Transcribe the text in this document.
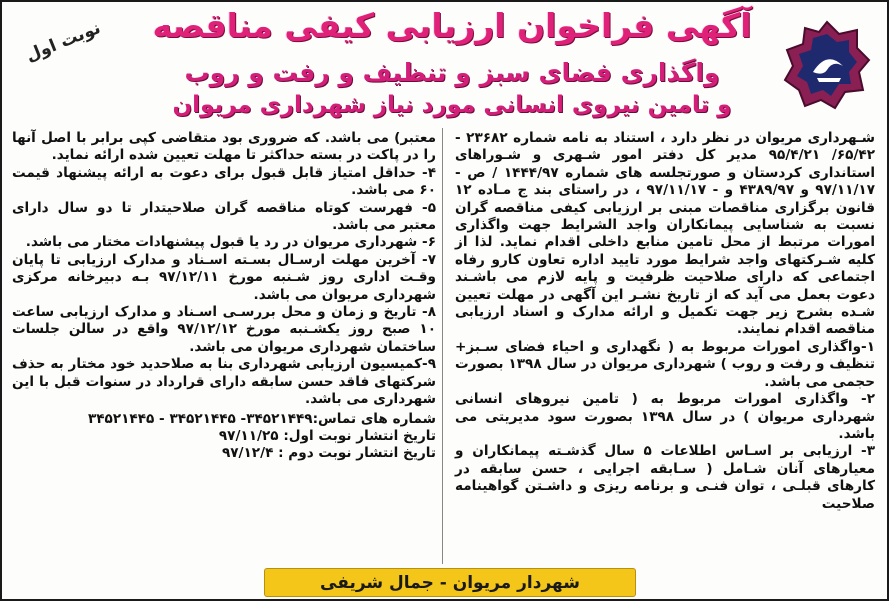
آگهی فراخوان ارزیابی کیفی مناقصه
واگذاری فضای سبز و تنظیف و رفت و روب
و تامین نیروی انسانی مورد نیاز شهرداری مریوان
نوبت اول

شـهرداری مریوان در نظر دارد ، استناد به نامه شماره ۲۳۶۸۲ - ۶۵/۴۲/ ۹۵/۴/۲۱ مدیر کل دفتر امور شـهری و شـوراهای استانداری کردستان و صورتجلسه های شماره ۱۴۴۴/۹۷ / ص - ۹۷/۱۱/۱۷ و ۴۳۸۹/۹۷ و - ۹۷/۱۱/۱۷ ، در راستای بند ج مـاده ۱۲ قانون برگزاری مناقصات مبنی بر ارزیابی کیفی مناقصه گران نسبت به شناسایی پیمانکاران واجد الشرایط جهت واگذاری امورات مرتبط از محل تامین منابع داخلی اقدام نماید. لذا از کلیه شـرکتهای واجد شرایط مورد تایید اداره تعاون کارو رفاه اجتماعی که دارای صلاحیت ظرفیت و پایه لازم می باشـند دعوت بعمل می آید که از تاریخ نشـر این آگهی در مهلت تعیین شـده بشرح زیر جهت تکمیل و ارائه مدارک و اسناد ارزیابی مناقصه اقدام نمایند.

۱-واگذاری امورات مربوط به ( نگهداری و احیاء فضای سـبز+ تنظیف و رفت و روب ) شهرداری مریوان در سال ۱۳۹۸ بصورت حجمی می باشد.

۲- واگذاری امورات مربوط به ( تامین نیروهای انسانی شهرداری مریوان ) در سال ۱۳۹۸ بصورت سود مدیریتی می باشد.

۳- ارزیابی بر اسـاس اطلاعات ۵ سال گذشـته پیمانکاران و معیارهای آنان شـامل ( سـابقه اجرایی ، حسن سابقه در کارهای قبلـی ، توان فنـی و برنامه ریزی و داشـتن گواهینامه صلاحیت

معتبر) می باشد. که ضروری بود متقاضی کپی برابر با اصل آنها را در پاکت در بسته حداکثر تا مهلت تعیین شده ارائه نماید.

۴- حداقل امتیاز قابل قبول برای دعوت به ارائه پیشنهاد قیمت ۶۰ می باشد.

۵- فهرست کوتاه مناقصه گران صلاحیتدار تا دو سال دارای معتبر می باشد.

۶- شهرداری مریوان در رد یا قبول پیشنهادات مختار می باشد.

۷- آخرین مهلت ارسـال بسـته اسـناد و مدارک ارزیابی تا پایان وقـت اداری روز شـنبه مورخ ۹۷/۱۲/۱۱ بـه دبیرخانه مرکزی شهرداری مریوان می باشد.

۸- تاریخ و زمان و محل بررسـی اسـناد و مدارک ارزیابی ساعت ۱۰ صبح روز یکشـنبه مورخ ۹۷/۱۲/۱۲ واقع در سالن جلسات ساختمان شهرداری مریوان می باشد.

۹-کمیسیون ارزیابی شهرداری بنا به صلاحدید خود مختار به حذف شرکتهای فاقد حسن سابقه دارای قرارداد در سنوات قبل با این شهرداری می باشد.

شماره های تماس:۳۴۵۲۱۴۴۹- ۳۴۵۲۱۴۴۵ - ۳۴۵۲۱۴۴۵

تاریخ انتشار نوبت اول: ۹۷/۱۱/۲۵

تاریخ انتشار نوبت دوم : ۹۷/۱۲/۴

شهردار مریوان - جمال شریفی
